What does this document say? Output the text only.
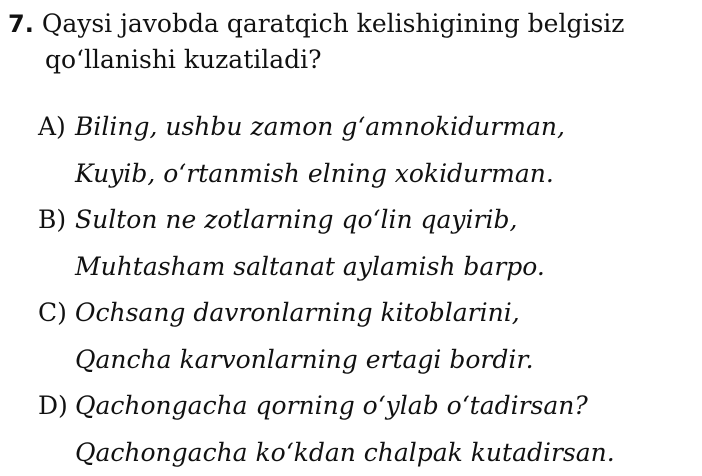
7. Qaysi javobda qaratqich kelishigining belgisiz
qo‘llanishi kuzatiladi?
A) Biling, ushbu zamon g‘amnokidurman,
Kuyib, o‘rtanmish elning xokidurman.
B) Sulton ne zotlarning qo‘lin qayirib,
Muhtasham saltanat aylamish barpo.
C) Ochsang davronlarning kitoblarini,
Qancha karvonlarning ertagi bordir.
D) Qachongacha qorning o‘ylab o‘tadirsan?
Qachongacha ko‘kdan chalpak kutadirsan.
